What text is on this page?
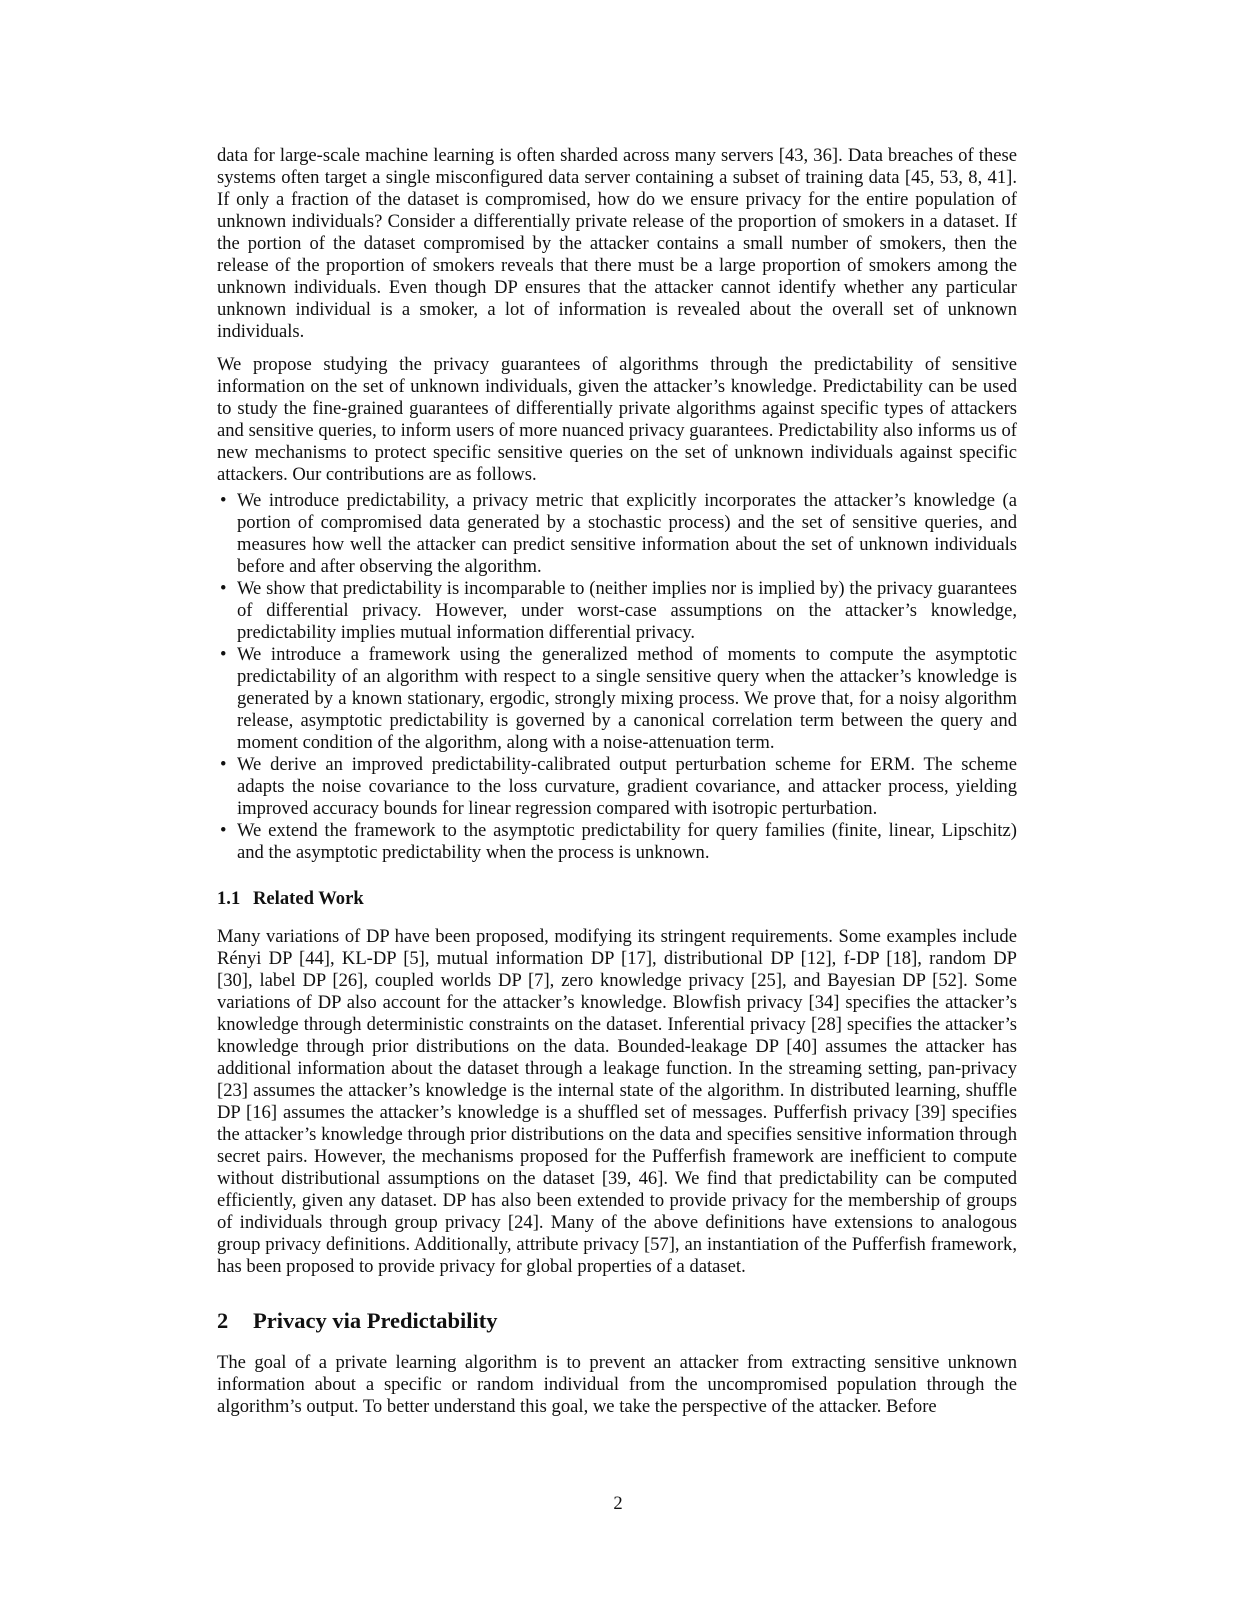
data for large-scale machine learning is often sharded across many servers [43, 36]. Data breaches of these systems often target a single misconfigured data server containing a subset of training data [45, 53, 8, 41]. If only a fraction of the dataset is compromised, how do we ensure privacy for the entire population of unknown individuals? Consider a differentially private release of the proportion of smokers in a dataset. If the portion of the dataset compromised by the attacker contains a small number of smokers, then the release of the proportion of smokers reveals that there must be a large proportion of smokers among the unknown individuals. Even though DP ensures that the attacker cannot identify whether any particular unknown individual is a smoker, a lot of information is revealed about the overall set of unknown individuals.

We propose studying the privacy guarantees of algorithms through the predictability of sensitive information on the set of unknown individuals, given the attacker’s knowledge. Predictability can be used to study the fine-grained guarantees of differentially private algorithms against specific types of attackers and sensitive queries, to inform users of more nuanced privacy guarantees. Predictability also informs us of new mechanisms to protect specific sensitive queries on the set of unknown individuals against specific attackers. Our contributions are as follows.

• We introduce predictability, a privacy metric that explicitly incorporates the attacker’s knowledge (a portion of compromised data generated by a stochastic process) and the set of sensitive queries, and measures how well the attacker can predict sensitive information about the set of unknown individuals before and after observing the algorithm.
• We show that predictability is incomparable to (neither implies nor is implied by) the privacy guarantees of differential privacy. However, under worst-case assumptions on the attacker’s knowledge, predictability implies mutual information differential privacy.
• We introduce a framework using the generalized method of moments to compute the asymptotic predictability of an algorithm with respect to a single sensitive query when the attacker’s knowledge is generated by a known stationary, ergodic, strongly mixing process. We prove that, for a noisy algorithm release, asymptotic predictability is governed by a canonical correlation term between the query and moment condition of the algorithm, along with a noise-attenuation term.
• We derive an improved predictability-calibrated output perturbation scheme for ERM. The scheme adapts the noise covariance to the loss curvature, gradient covariance, and attacker process, yielding improved accuracy bounds for linear regression compared with isotropic perturbation.
• We extend the framework to the asymptotic predictability for query families (finite, linear, Lipschitz) and the asymptotic predictability when the process is unknown.
1.1 Related Work

Many variations of DP have been proposed, modifying its stringent requirements. Some examples include Rényi DP [44], KL-DP [5], mutual information DP [17], distributional DP [12], f-DP [18], random DP [30], label DP [26], coupled worlds DP [7], zero knowledge privacy [25], and Bayesian DP [52]. Some variations of DP also account for the attacker’s knowledge. Blowfish privacy [34] specifies the attacker’s knowledge through deterministic constraints on the dataset. Inferential privacy [28] specifies the attacker’s knowledge through prior distributions on the data. Bounded-leakage DP [40] assumes the attacker has additional information about the dataset through a leakage function. In the streaming setting, pan-privacy [23] assumes the attacker’s knowledge is the internal state of the algorithm. In distributed learning, shuffle DP [16] assumes the attacker’s knowledge is a shuffled set of messages. Pufferfish privacy [39] specifies the attacker’s knowledge through prior distributions on the data and specifies sensitive information through secret pairs. However, the mechanisms proposed for the Pufferfish framework are inefficient to compute without distributional assumptions on the dataset [39, 46]. We find that predictability can be computed efficiently, given any dataset. DP has also been extended to provide privacy for the membership of groups of individuals through group privacy [24]. Many of the above definitions have extensions to analogous group privacy definitions. Additionally, attribute privacy [57], an instantiation of the Pufferfish framework, has been proposed to provide privacy for global properties of a dataset.

2 Privacy via Predictability

The goal of a private learning algorithm is to prevent an attacker from extracting sensitive unknown information about a specific or random individual from the uncompromised population through the algorithm’s output. To better understand this goal, we take the perspective of the attacker. Before

2
